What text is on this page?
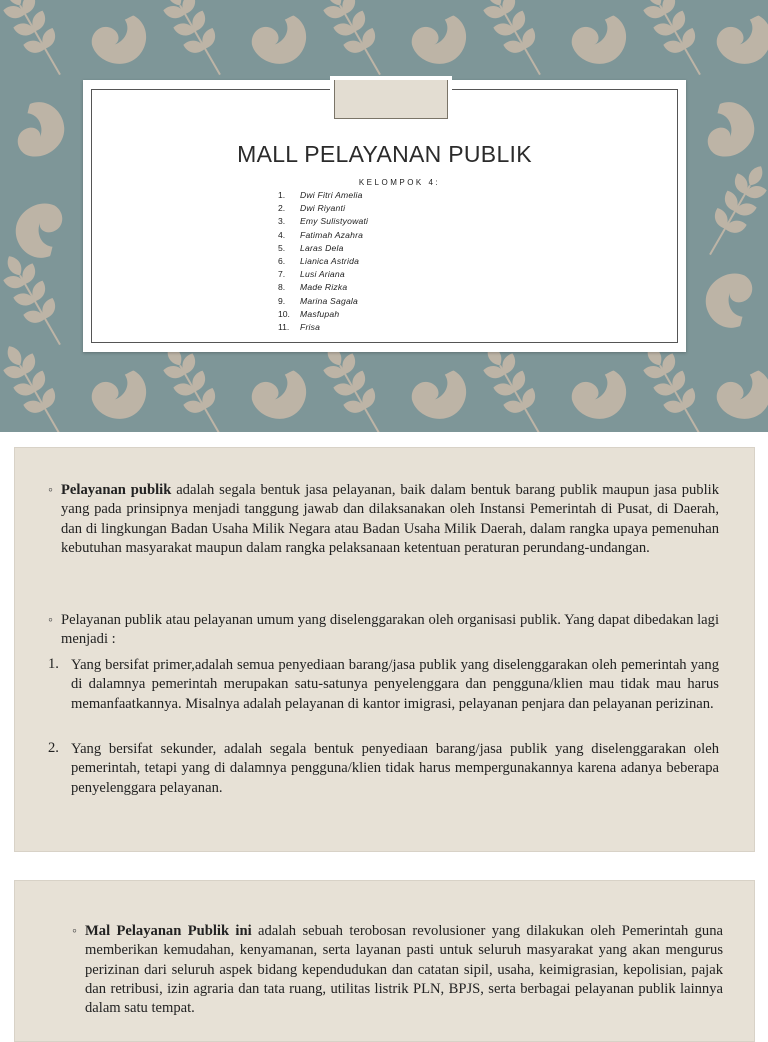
MALL PELAYANAN PUBLIK
KELOMPOK 4:
1. Dwi Fitri Amelia
2. Dwi Riyanti
3. Emy Sulistyowati
4. Fatimah Azahra
5. Laras Dela
6. Lianica Astrida
7. Lusi Ariana
8. Made Rizka
9. Marina Sagala
10. Masfupah
11. Frisa
◦ Pelayanan publik adalah segala bentuk jasa pelayanan, baik dalam bentuk barang publik maupun jasa publik yang pada prinsipnya menjadi tanggung jawab dan dilaksanakan oleh Instansi Pemerintah di Pusat, di Daerah, dan di lingkungan Badan Usaha Milik Negara atau Badan Usaha Milik Daerah, dalam rangka upaya pemenuhan kebutuhan masyarakat maupun dalam rangka pelaksanaan ketentuan peraturan perundang-undangan.
◦ Pelayanan publik atau pelayanan umum yang diselenggarakan oleh organisasi publik. Yang dapat dibedakan lagi menjadi :
1. Yang bersifat primer,adalah semua penyediaan barang/jasa publik yang diselenggarakan oleh pemerintah yang di dalamnya pemerintah merupakan satu-satunya penyelenggara dan pengguna/klien mau tidak mau harus memanfaatkannya. Misalnya adalah pelayanan di kantor imigrasi, pelayanan penjara dan pelayanan perizinan.
2. Yang bersifat sekunder, adalah segala bentuk penyediaan barang/jasa publik yang diselenggarakan oleh pemerintah, tetapi yang di dalamnya pengguna/klien tidak harus mempergunakannya karena adanya beberapa penyelenggara pelayanan.
◦ Mal Pelayanan Publik ini adalah sebuah terobosan revolusioner yang dilakukan oleh Pemerintah guna memberikan kemudahan, kenyamanan, serta layanan pasti untuk seluruh masyarakat yang akan mengurus perizinan dari seluruh aspek bidang kependudukan dan catatan sipil, usaha, keimigrasian, kepolisian, pajak dan retribusi, izin agraria dan tata ruang, utilitas listrik PLN, BPJS, serta berbagai pelayanan publik lainnya dalam satu tempat.
